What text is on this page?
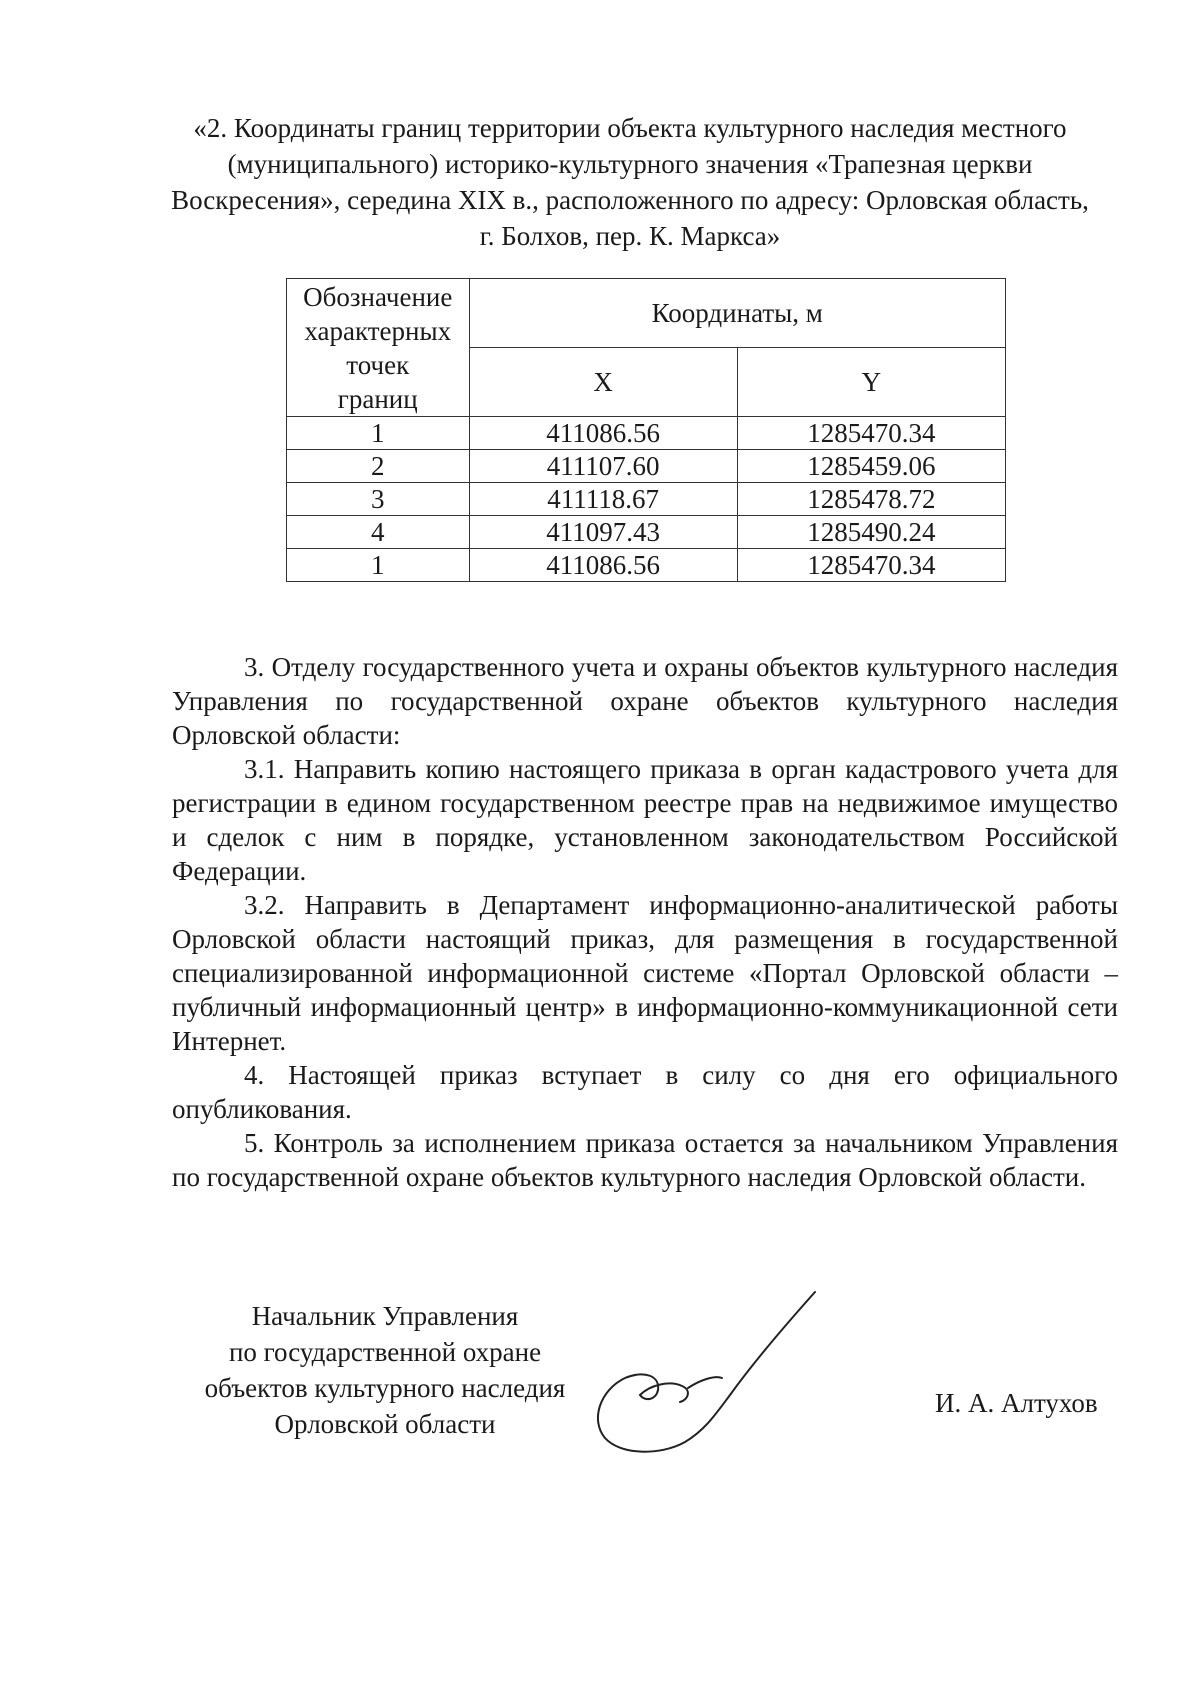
«2. Координаты границ территории объекта культурного наследия местного
(муниципального) историко-культурного значения «Трапезная церкви
Воскресения», середина XIX в., расположенного по адресу: Орловская область,
г. Болхов, пер. К. Маркса»
Обозначение
характерных
точек
границ	Координаты, м	
	X	Y
1	411086.56	1285470.34
2	411107.60	1285459.06
3	411118.67	1285478.72
4	411097.43	1285490.24
1	411086.56	1285470.34

3. Отделу государственного учета и охраны объектов культурного наследия Управления по государственной охране объектов культурного наследия Орловской области:

3.1. Направить копию настоящего приказа в орган кадастрового учета для регистрации в едином государственном реестре прав на недвижимое имущество и сделок с ним в порядке, установленном законодательством Российской Федерации.

3.2. Направить в Департамент информационно-аналитической работы Орловской области настоящий приказ, для размещения в государственной специализированной информационной системе «Портал Орловской области – публичный информационный центр» в информационно-коммуникационной сети Интернет.

4. Настоящей приказ вступает в силу со дня его официального опубликования.

5. Контроль за исполнением приказа остается за начальником Управления по государственной охране объектов культурного наследия Орловской области.

Начальник Управления
по государственной охране
объектов культурного наследия
Орловской области
И. А. Алтухов
